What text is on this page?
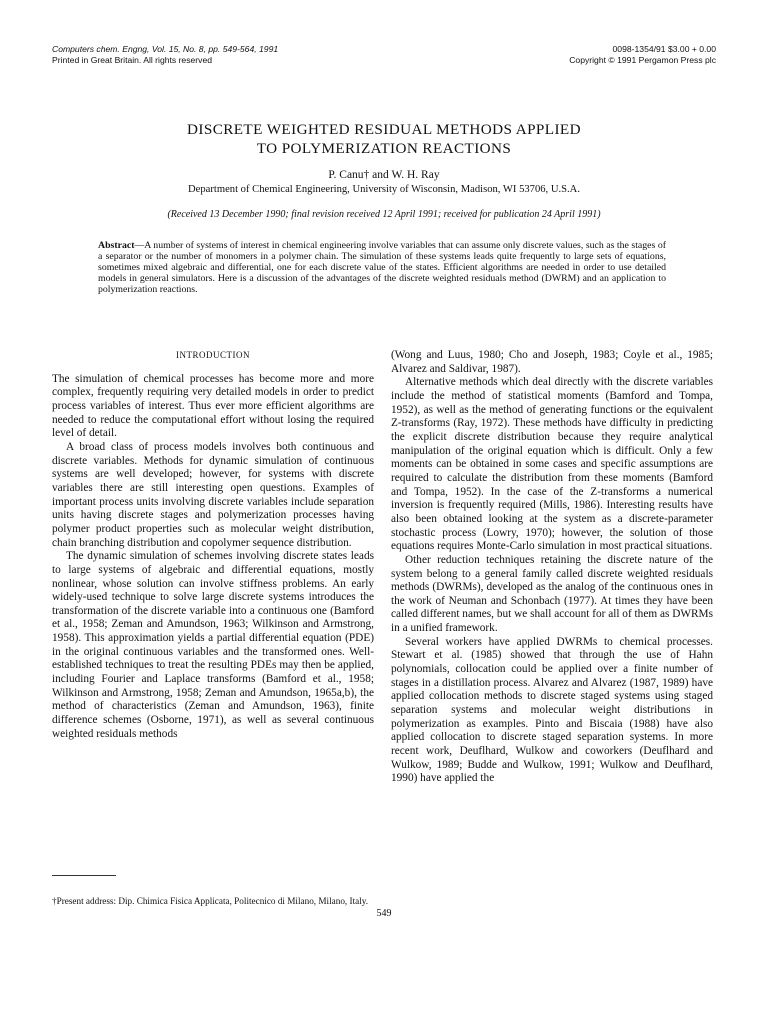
Computers chem. Engng, Vol. 15, No. 8, pp. 549-564, 1991
Printed in Great Britain. All rights reserved
0098-1354/91 $3.00 + 0.00
Copyright © 1991 Pergamon Press plc
DISCRETE WEIGHTED RESIDUAL METHODS APPLIED
TO POLYMERIZATION REACTIONS
P. Canu† and W. H. Ray
Department of Chemical Engineering, University of Wisconsin, Madison, WI 53706, U.S.A.
(Received 13 December 1990; final revision received 12 April 1991; received for publication 24 April 1991)
Abstract—A number of systems of interest in chemical engineering involve variables that can assume only discrete values, such as the stages of a separator or the number of monomers in a polymer chain. The simulation of these systems leads quite frequently to large sets of equations, sometimes mixed algebraic and differential, one for each discrete value of the states. Efficient algorithms are needed in order to use detailed models in general simulators. Here is a discussion of the advantages of the discrete weighted residuals method (DWRM) and an application to polymerization reactions.
INTRODUCTION

The simulation of chemical processes has become more and more complex, frequently requiring very detailed models in order to predict process variables of interest. Thus ever more efficient algorithms are needed to reduce the computational effort without losing the required level of detail.

A broad class of process models involves both continuous and discrete variables. Methods for dynamic simulation of continuous systems are well developed; however, for systems with discrete variables there are still interesting open questions. Examples of important process units involving discrete variables include separation units having discrete stages and polymerization processes having polymer product properties such as molecular weight distribution, chain branching distribution and copolymer sequence distribution.

The dynamic simulation of schemes involving discrete states leads to large systems of algebraic and differential equations, mostly nonlinear, whose solution can involve stiffness problems. An early widely-used technique to solve large discrete systems introduces the transformation of the discrete variable into a continuous one (Bamford et al., 1958; Zeman and Amundson, 1963; Wilkinson and Armstrong, 1958). This approximation yields a partial differential equation (PDE) in the original continuous variables and the transformed ones. Well-established techniques to treat the resulting PDEs may then be applied, including Fourier and Laplace transforms (Bamford et al., 1958; Wilkinson and Armstrong, 1958; Zeman and Amundson, 1965a,b), the method of characteristics (Zeman and Amundson, 1963), finite difference schemes (Osborne, 1971), as well as several continuous weighted residuals methods

(Wong and Luus, 1980; Cho and Joseph, 1983; Coyle et al., 1985; Alvarez and Saldivar, 1987).

Alternative methods which deal directly with the discrete variables include the method of statistical moments (Bamford and Tompa, 1952), as well as the method of generating functions or the equivalent Z-transforms (Ray, 1972). These methods have difficulty in predicting the explicit discrete distribution because they require analytical manipulation of the original equation which is difficult. Only a few moments can be obtained in some cases and specific assumptions are required to calculate the distribution from these moments (Bamford and Tompa, 1952). In the case of the Z-transforms a numerical inversion is frequently required (Mills, 1986). Interesting results have also been obtained looking at the system as a discrete-parameter stochastic process (Lowry, 1970); however, the solution of those equations requires Monte-Carlo simulation in most practical situations.

Other reduction techniques retaining the discrete nature of the system belong to a general family called discrete weighted residuals methods (DWRMs), developed as the analog of the continuous ones in the work of Neuman and Schonbach (1977). At times they have been called different names, but we shall account for all of them as DWRMs in a unified framework.

Several workers have applied DWRMs to chemical processes. Stewart et al. (1985) showed that through the use of Hahn polynomials, collocation could be applied over a finite number of stages in a distillation process. Alvarez and Alvarez (1987, 1989) have applied collocation methods to discrete staged systems using staged separation systems and molecular weight distributions in polymerization as examples. Pinto and Biscaia (1988) have also applied collocation to discrete staged separation systems. In more recent work, Deuflhard, Wulkow and coworkers (Deuflhard and Wulkow, 1989; Budde and Wulkow, 1991; Wulkow and Deuflhard, 1990) have applied the

†Present address: Dip. Chimica Fisica Applicata, Politecnico di Milano, Milano, Italy.
549
